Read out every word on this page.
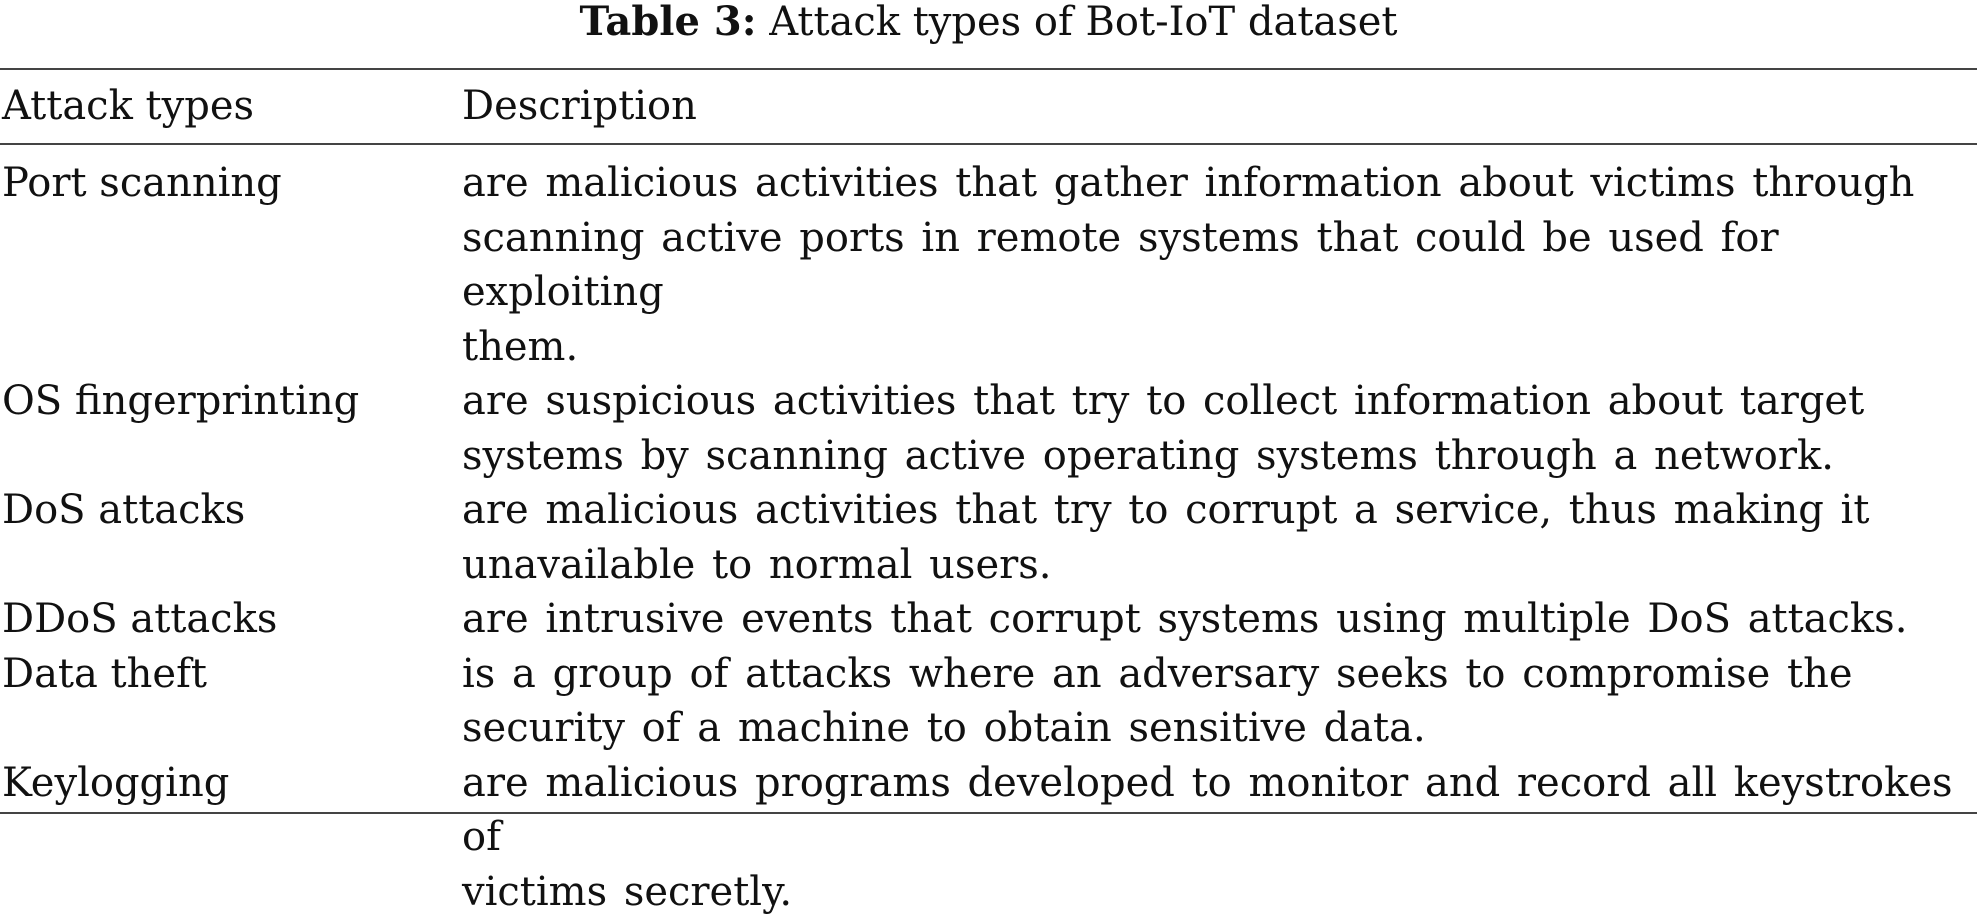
Table 3: Attack types of Bot-IoT dataset
Attack types	Description
Port scanning	are malicious activities that gather information about victims through
scanning active ports in remote systems that could be used for exploiting
them.
OS fingerprinting	are suspicious activities that try to collect information about target
systems by scanning active operating systems through a network.
DoS attacks	are malicious activities that try to corrupt a service, thus making it
unavailable to normal users.
DDoS attacks	are intrusive events that corrupt systems using multiple DoS attacks.
Data theft	is a group of attacks where an adversary seeks to compromise the
security of a machine to obtain sensitive data.
Keylogging	are malicious programs developed to monitor and record all keystrokes of
victims secretly.
